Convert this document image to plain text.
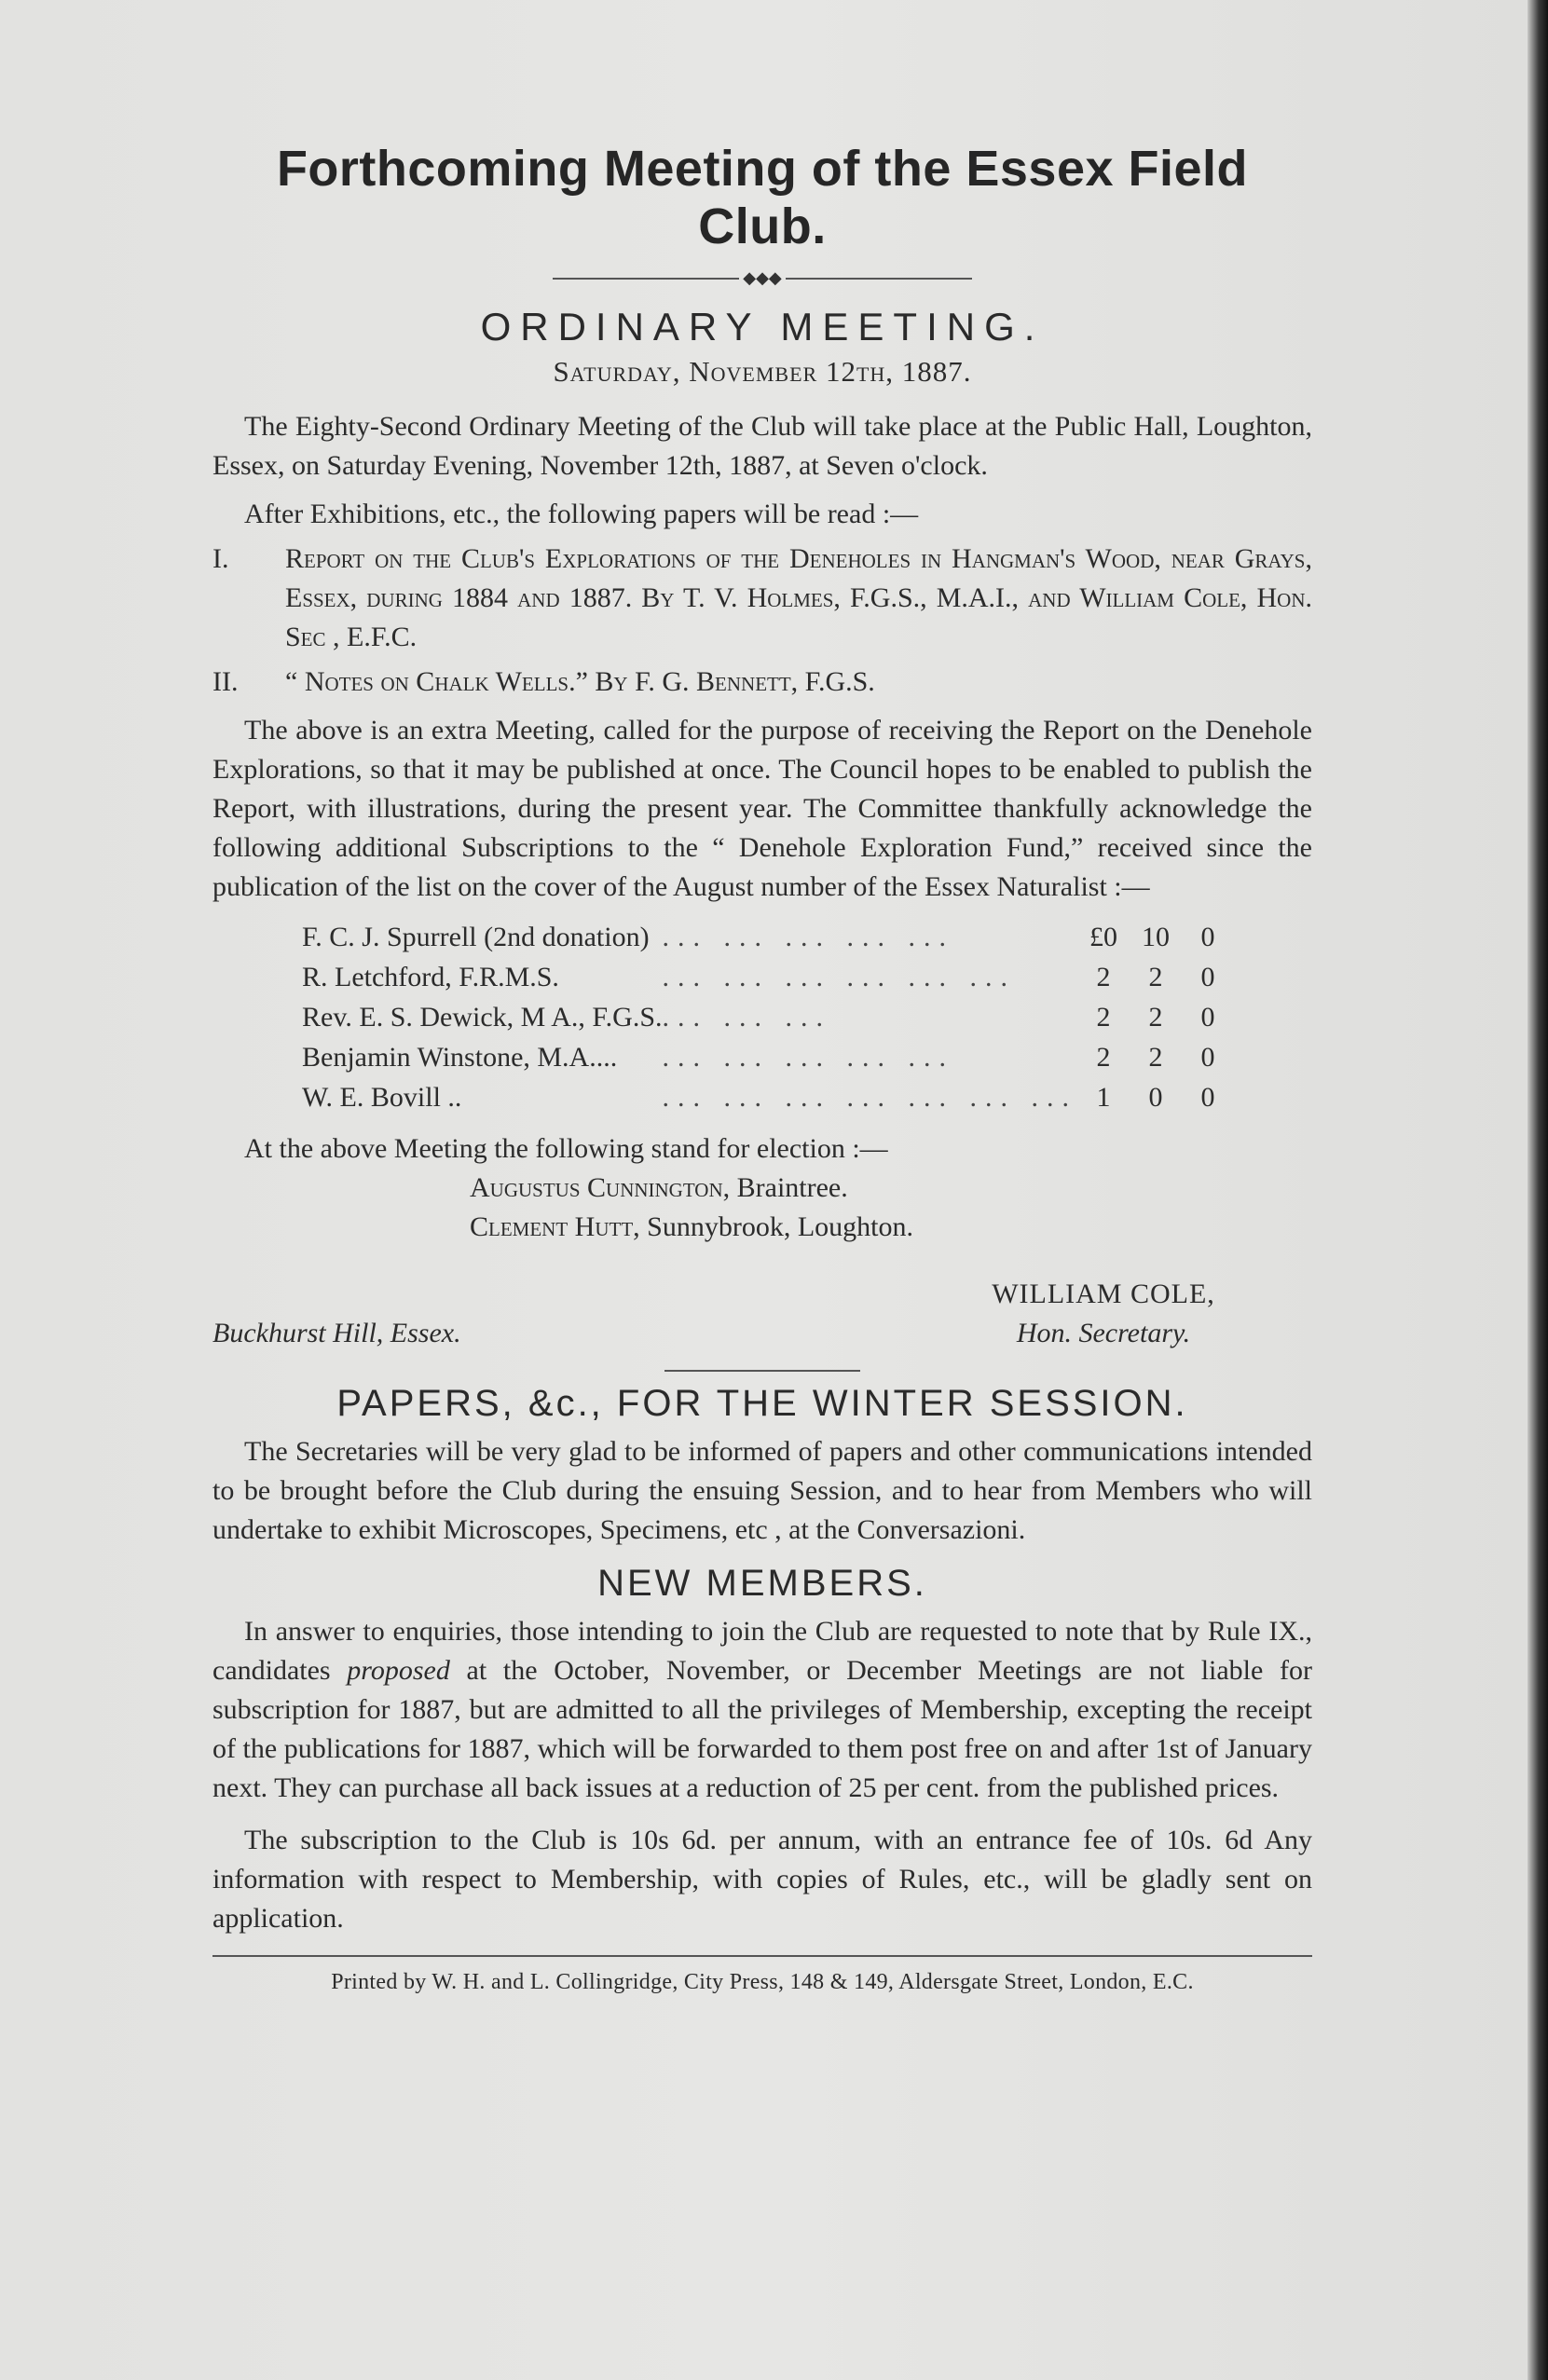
Forthcoming Meeting of the Essex Field Club.
◆◆◆
ORDINARY MEETING.
Saturday, November 12th, 1887.

The Eighty-Second Ordinary Meeting of the Club will take place at the Public Hall, Loughton, Essex, on Saturday Evening, November 12th, 1887, at Seven o'clock.

After Exhibitions, etc., the following papers will be read :—

I. Report on the Club's Explorations of the Deneholes in Hangman's Wood, near Grays, Essex, during 1884 and 1887. By T. V. Holmes, F.G.S., M.A.I., and William Cole, Hon. Sec , E.F.C.
II. “ Notes on Chalk Wells.” By F. G. Bennett, F.G.S.

The above is an extra Meeting, called for the purpose of receiving the Report on the Denehole Explorations, so that it may be published at once. The Council hopes to be enabled to publish the Report, with illustrations, during the present year. The Committee thankfully acknowledge the following additional Subscriptions to the “ Denehole Exploration Fund,” received since the publication of the list on the cover of the August number of the Essex Naturalist :—

F. C. J. Spurrell (2nd donation)	... ... ... ... ...	£0	10	0
R. Letchford, F.R.M.S.	... ... ... ... ... ...	2	2	0
Rev. E. S. Dewick, M A., F.G.S.	... ... ...	2	2	0
Benjamin Winstone, M.A....	... ... ... ... ...	2	2	0
W. E. Bovill ..	... ... ... ... ... ... ...	1	0	0

At the above Meeting the following stand for election :—

Augustus Cunnington, Braintree.
Clement Hutt, Sunnybrook, Loughton.
Buckhurst Hill, Essex.
WILLIAM COLE,
Hon. Secretary.
PAPERS, &c., FOR THE WINTER SESSION.

The Secretaries will be very glad to be informed of papers and other communications intended to be brought before the Club during the ensuing Session, and to hear from Members who will undertake to exhibit Microscopes, Specimens, etc , at the Conversazioni.

NEW MEMBERS.

In answer to enquiries, those intending to join the Club are requested to note that by Rule IX., candidates proposed at the October, November, or December Meetings are not liable for subscription for 1887, but are admitted to all the privileges of Membership, excepting the receipt of the publications for 1887, which will be forwarded to them post free on and after 1st of January next. They can purchase all back issues at a reduction of 25 per cent. from the published prices.

The subscription to the Club is 10s 6d. per annum, with an entrance fee of 10s. 6d Any information with respect to Membership, with copies of Rules, etc., will be gladly sent on application.

Printed by W. H. and L. Collingridge, City Press, 148 & 149, Aldersgate Street, London, E.C.
